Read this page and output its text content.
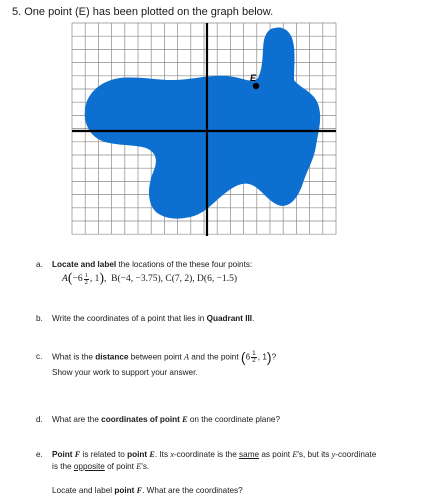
5. One point (E) has been plotted on the graph below.
E
a. Locate and label the locations of the these four points:
$A(-6 \frac{1}{2}$ , 1),  B(−4, −3.75), C(7, 2), D(6, −1.5)
b. Write the coordinates of a point that lies in Quadrant III.
c. What is the distance between point A and the point ($6 \frac{1}{2}$ , 1)?
Show your work to support your answer.
d. What are the coordinates of point E on the coordinate plane?
e. Point F is related to point E. Its x-coordinate is the same as point E's, but its y-coordinate
is the opposite of point E's.
Locate and label point F. What are the coordinates?
